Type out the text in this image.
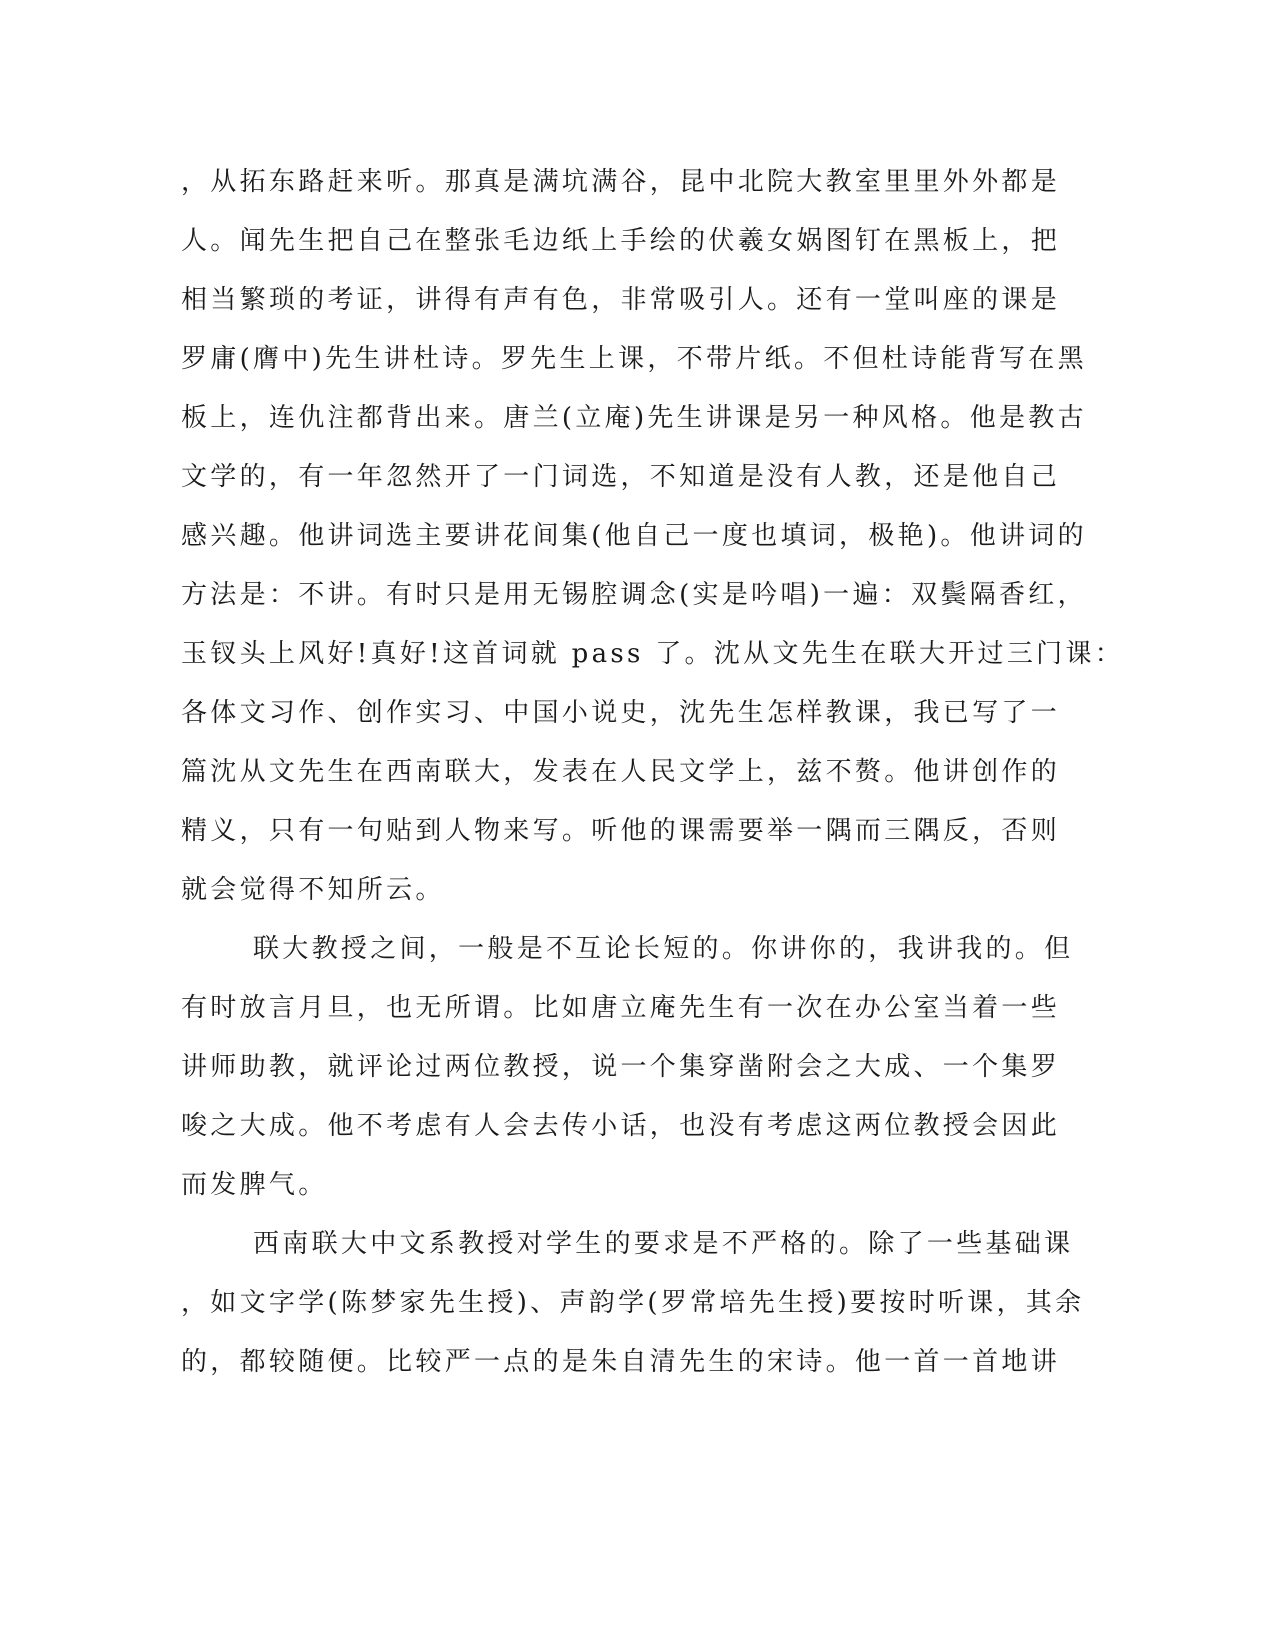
，从拓东路赶来听。那真是满坑满谷，昆中北院大教室里里外外都是
人。闻先生把自己在整张毛边纸上手绘的伏羲女娲图钉在黑板上，把
相当繁琐的考证，讲得有声有色，非常吸引人。还有一堂叫座的课是
罗庸(膺中)先生讲杜诗。罗先生上课，不带片纸。不但杜诗能背写在黑
板上，连仇注都背出来。唐兰(立庵)先生讲课是另一种风格。他是教古
文学的，有一年忽然开了一门词选，不知道是没有人教，还是他自己
感兴趣。他讲词选主要讲花间集(他自己一度也填词，极艳)。他讲词的
方法是：不讲。有时只是用无锡腔调念(实是吟唱)一遍：双鬓隔香红，
玉钗头上风好!真好!这首词就 pass 了。沈从文先生在联大开过三门课：
各体文习作、创作实习、中国小说史，沈先生怎样教课，我已写了一
篇沈从文先生在西南联大，发表在人民文学上，兹不赘。他讲创作的
精义，只有一句贴到人物来写。听他的课需要举一隅而三隅反，否则
就会觉得不知所云。
联大教授之间，一般是不互论长短的。你讲你的，我讲我的。但
有时放言月旦，也无所谓。比如唐立庵先生有一次在办公室当着一些
讲师助教，就评论过两位教授，说一个集穿凿附会之大成、一个集罗
唆之大成。他不考虑有人会去传小话，也没有考虑这两位教授会因此
而发脾气。
西南联大中文系教授对学生的要求是不严格的。除了一些基础课
，如文字学(陈梦家先生授)、声韵学(罗常培先生授)要按时听课，其余
的，都较随便。比较严一点的是朱自清先生的宋诗。他一首一首地讲
